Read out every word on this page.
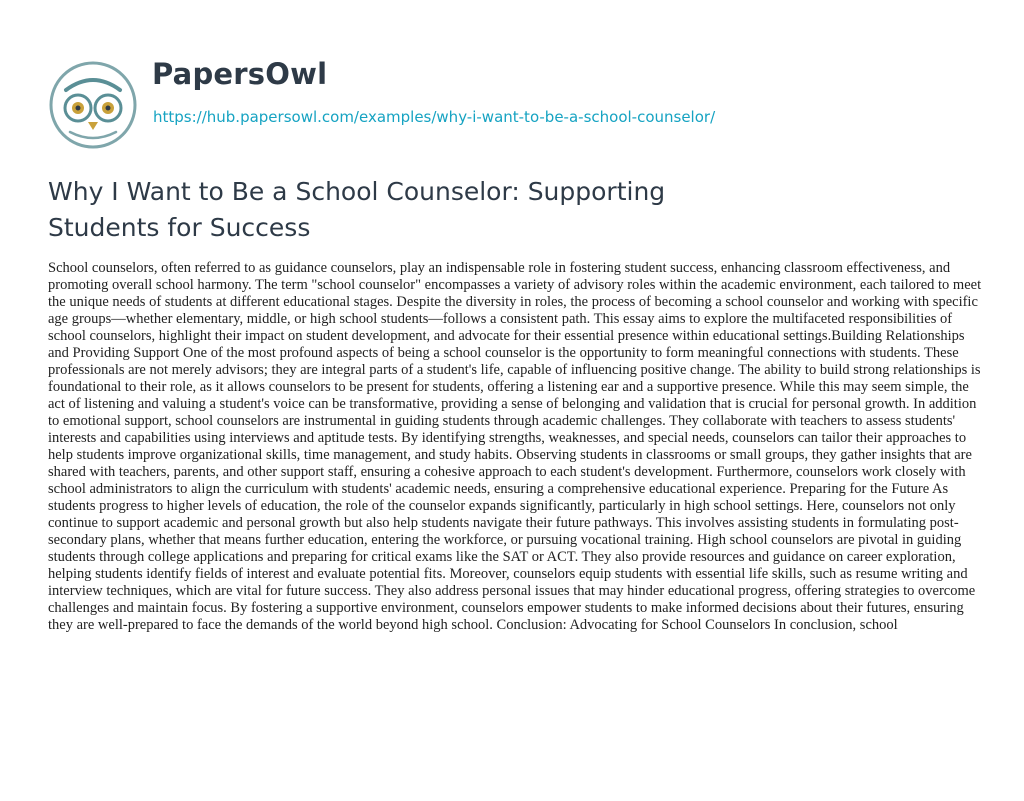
PapersOwl
https://hub.papersowl.com/examples/why-i-want-to-be-a-school-counselor/
Why I Want to Be a School Counselor: Supporting Students for Success

School counselors, often referred to as guidance counselors, play an indispensable role in fostering student success, enhancing classroom effectiveness, and promoting overall school harmony. The term "school counselor" encompasses a variety of advisory roles within the academic environment, each tailored to meet the unique needs of students at different educational stages. Despite the diversity in roles, the process of becoming a school counselor and working with specific age groups—whether elementary, middle, or high school students—follows a consistent path. This essay aims to explore the multifaceted responsibilities of school counselors, highlight their impact on student development, and advocate for their essential presence within educational settings.Building Relationships and Providing Support One of the most profound aspects of being a school counselor is the opportunity to form meaningful connections with students. These professionals are not merely advisors; they are integral parts of a student's life, capable of influencing positive change. The ability to build strong relationships is foundational to their role, as it allows counselors to be present for students, offering a listening ear and a supportive presence. While this may seem simple, the act of listening and valuing a student's voice can be transformative, providing a sense of belonging and validation that is crucial for personal growth. In addition to emotional support, school counselors are instrumental in guiding students through academic challenges. They collaborate with teachers to assess students' interests and capabilities using interviews and aptitude tests. By identifying strengths, weaknesses, and special needs, counselors can tailor their approaches to help students improve organizational skills, time management, and study habits. Observing students in classrooms or small groups, they gather insights that are shared with teachers, parents, and other support staff, ensuring a cohesive approach to each student's development. Furthermore, counselors work closely with school administrators to align the curriculum with students' academic needs, ensuring a comprehensive educational experience. Preparing for the Future As students progress to higher levels of education, the role of the counselor expands significantly, particularly in high school settings. Here, counselors not only continue to support academic and personal growth but also help students navigate their future pathways. This involves assisting students in formulating post-secondary plans, whether that means further education, entering the workforce, or pursuing vocational training. High school counselors are pivotal in guiding students through college applications and preparing for critical exams like the SAT or ACT. They also provide resources and guidance on career exploration, helping students identify fields of interest and evaluate potential fits. Moreover, counselors equip students with essential life skills, such as resume writing and interview techniques, which are vital for future success. They also address personal issues that may hinder educational progress, offering strategies to overcome challenges and maintain focus. By fostering a supportive environment, counselors empower students to make informed decisions about their futures, ensuring they are well-prepared to face the demands of the world beyond high school. Conclusion: Advocating for School Counselors In conclusion, school
